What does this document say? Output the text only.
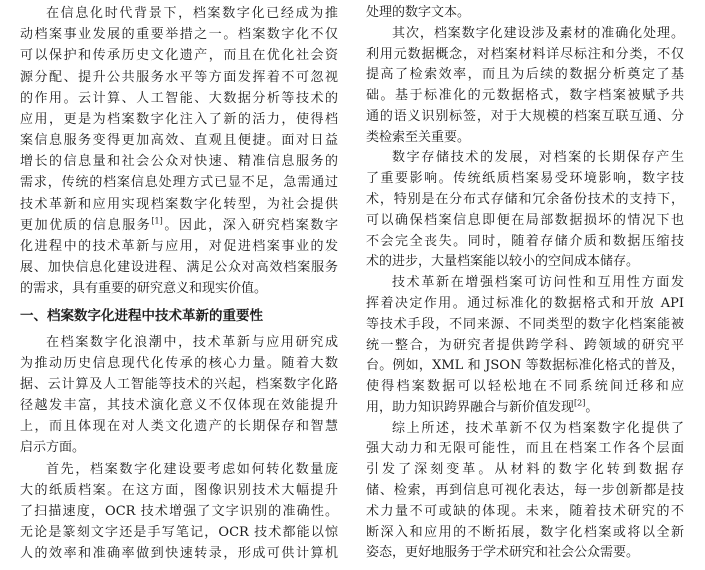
在信息化时代背景下，档案数字化已经成为推
动档案事业发展的重要举措之一。档案数字化不仅
可以保护和传承历史文化遗产，而且在优化社会资
源分配、提升公共服务水平等方面发挥着不可忽视
的作用。云计算、人工智能、大数据分析等技术的
应用，更是为档案数字化注入了新的活力，使得档
案信息服务变得更加高效、直观且便捷。面对日益
增长的信息量和社会公众对快速、精准信息服务的
需求，传统的档案信息处理方式已显不足，急需通过
技术革新和应用实现档案数字化转型，为社会提供
更加优质的信息服务[1]。因此，深入研究档案数字
化进程中的技术革新与应用，对促进档案事业的发
展、加快信息化建设进程、满足公众对高效档案服务
的需求，具有重要的研究意义和现实价值。
一、档案数字化进程中技术革新的重要性
在档案数字化浪潮中，技术革新与应用研究成
为推动历史信息现代化传承的核心力量。随着大数
据、云计算及人工智能等技术的兴起，档案数字化路
径越发丰富，其技术演化意义不仅体现在效能提升
上，而且体现在对人类文化遗产的长期保存和智慧
启示方面。
首先，档案数字化建设要考虑如何转化数量庞
大的纸质档案。在这方面，图像识别技术大幅提升
了扫描速度，OCR 技术增强了文字识别的准确性。
无论是篆刻文字还是手写笔记，OCR 技术都能以惊
人的效率和准确率做到快速转录，形成可供计算机
处理的数字文本。
其次，档案数字化建设涉及素材的准确化处理。
利用元数据概念，对档案材料详尽标注和分类，不仅
提高了检索效率，而且为后续的数据分析奠定了基
础。基于标准化的元数据格式，数字档案被赋予共
通的语义识别标签，对于大规模的档案互联互通、分
类检索至关重要。
数字存储技术的发展，对档案的长期保存产生
了重要影响。传统纸质档案易受环境影响，数字技
术，特别是在分布式存储和冗余备份技术的支持下，
可以确保档案信息即便在局部数据损坏的情况下也
不会完全丧失。同时，随着存储介质和数据压缩技
术的进步，大量档案能以较小的空间成本储存。
技术革新在增强档案可访问性和互用性方面发
挥着决定作用。通过标准化的数据格式和开放 API
等技术手段，不同来源、不同类型的数字化档案能被
统一整合，为研究者提供跨学科、跨领域的研究平
台。例如，XML 和 JSON 等数据标准化格式的普及，
使得档案数据可以轻松地在不同系统间迁移和应
用，助力知识跨界融合与新价值发现[2]。
综上所述，技术革新不仅为档案数字化提供了
强大动力和无限可能性，而且在档案工作各个层面
引发了深刻变革。从材料的数字化转到数据存
储、检索，再到信息可视化表达，每一步创新都是技
术力量不可或缺的体现。未来，随着技术研究的不
断深入和应用的不断拓展，数字化档案或将以全新
姿态，更好地服务于学术研究和社会公众需要。
